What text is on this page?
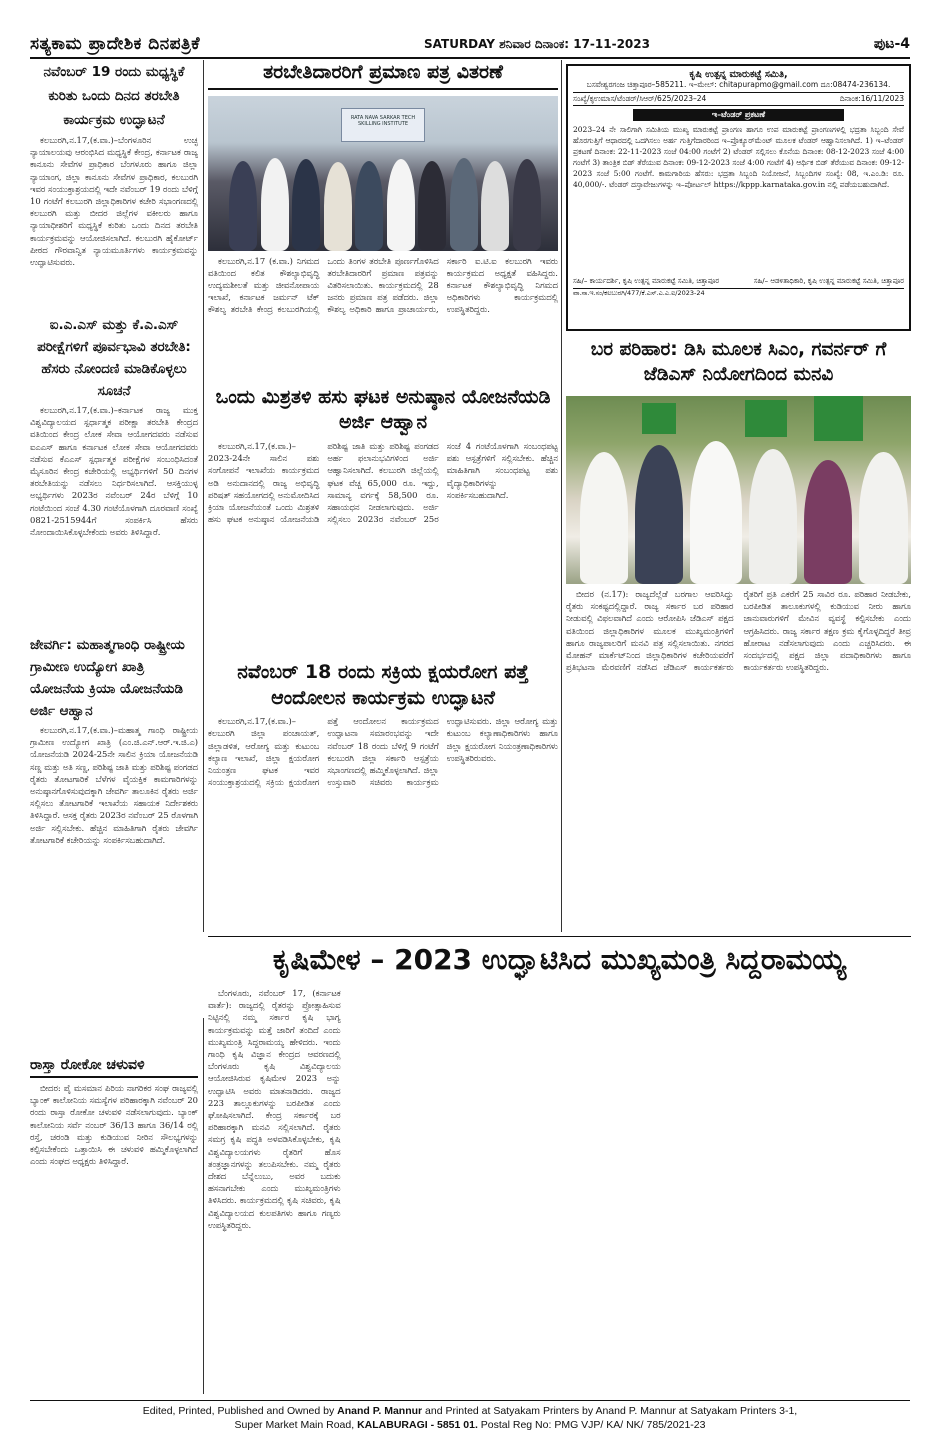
ಸತ್ಯಕಾಮ ಪ್ರಾದೇಶಿಕ ದಿನಪತ್ರಿಕೆ	SATURDAY ಶನಿವಾರ ದಿನಾಂಕ: 17-11-2023	ಪುಟ-4
ನವೆಂಬರ್ 19 ರಂದು ಮಧ್ಯಸ್ಥಿಕೆ ಕುರಿತು ಒಂದು ದಿನದ ತರಬೇತಿ ಕಾರ್ಯಕ್ರಮ ಉದ್ಘಾಟನೆ

ಕಲಬುರಗಿ,ನ.17,(ಕ.ವಾ.)–ಬೆಂಗಳೂರಿನ ಉಚ್ಛ ನ್ಯಾಯಾಲಯವು ಆರಂಭಿಸಿದ ಮಧ್ಯಸ್ಥಿಕೆ ಕೇಂದ್ರ, ಕರ್ನಾಟಕ ರಾಜ್ಯ ಕಾನೂನು ಸೇವೆಗಳ ಪ್ರಾಧಿಕಾರ ಬೆಂಗಳೂರು ಹಾಗೂ ಜಿಲ್ಲಾ ನ್ಯಾಯಾಂಗ, ಜಿಲ್ಲಾ ಕಾನೂನು ಸೇವೆಗಳ ಪ್ರಾಧಿಕಾರ, ಕಲಬುರಗಿ ಇವರ ಸಂಯುಕ್ತಾಶ್ರಯದಲ್ಲಿ ಇದೇ ನವೆಂಬರ್ 19 ರಂದು ಬೆಳಿಗ್ಗೆ 10 ಗಂಟೆಗೆ ಕಲಬುರಗಿ ಜಿಲ್ಲಾಧಿಕಾರಿಗಳ ಕಚೇರಿ ಸಭಾಂಗಣದಲ್ಲಿ ಕಲಬುರಗಿ ಮತ್ತು ಬೀದರ ಜಿಲ್ಲೆಗಳ ವಕೀಲರು ಹಾಗೂ ನ್ಯಾಯಾಧೀಶರಿಗೆ ಮಧ್ಯಸ್ಥಿಕೆ ಕುರಿತು ಒಂದು ದಿನದ ತರಬೇತಿ ಕಾರ್ಯಕ್ರಮವನ್ನು ಆಯೋಜಿಸಲಾಗಿದೆ. ಕಲಬುರಗಿ ಹೈಕೋರ್ಟ್ ಪೀಠದ ಗೌರವಾನ್ವಿತ ನ್ಯಾಯಮೂರ್ತಿಗಳು ಕಾರ್ಯಕ್ರಮವನ್ನು ಉದ್ಘಾಟಿಸುವರು.

ಐ.ಎ.ಎಸ್ ಮತ್ತು ಕೆ.ಎ.ಎಸ್ ಪರೀಕ್ಷೆಗಳಿಗೆ ಪೂರ್ವಭಾವಿ ತರಬೇತಿ: ಹೆಸರು ನೋಂದಣಿ ಮಾಡಿಕೊಳ್ಳಲು ಸೂಚನೆ

ಕಲಬುರಗಿ,ನ.17,(ಕ.ವಾ.)–ಕರ್ನಾಟಕ ರಾಜ್ಯ ಮುಕ್ತ ವಿಶ್ವವಿದ್ಯಾಲಯದ ಸ್ಪರ್ಧಾತ್ಮಕ ಪರೀಕ್ಷಾ ತರಬೇತಿ ಕೇಂದ್ರದ ವತಿಯಿಂದ ಕೇಂದ್ರ ಲೋಕ ಸೇವಾ ಆಯೋಗದವರು ನಡೆಸುವ ಐಎಎಸ್ ಹಾಗೂ ಕರ್ನಾಟಕ ಲೋಕ ಸೇವಾ ಆಯೋಗದವರು ನಡೆಸುವ ಕೆಎಎಸ್ ಸ್ಪರ್ಧಾತ್ಮಕ ಪರೀಕ್ಷೆಗಳ ಸಂಬಂಧಿಸಿದಂತೆ ಮೈಸೂರಿನ ಕೇಂದ್ರ ಕಚೇರಿಯಲ್ಲಿ ಅಭ್ಯರ್ಥಿಗಳಿಗೆ 50 ದಿನಗಳ ತರಬೇತಿಯನ್ನು ನಡೆಸಲು ನಿರ್ಧರಿಸಲಾಗಿದೆ. ಆಸಕ್ತಿಯುಳ್ಳ ಅಭ್ಯರ್ಥಿಗಳು 2023ರ ನವೆಂಬರ್ 24ರ ಬೆಳಿಗ್ಗೆ 10 ಗಂಟೆಯಿಂದ ಸಂಜೆ 4.30 ಗಂಟೆಯೊಳಗಾಗಿ ದೂರವಾಣಿ ಸಂಖ್ಯೆ 0821-2515944ಗೆ ಸಂಪರ್ಕಿಸಿ ಹೆಸರು ನೋಂದಾಯಿಸಿಕೊಳ್ಳಬೇಕೆಂದು ಅವರು ತಿಳಿಸಿದ್ದಾರೆ.

ಜೇವರ್ಗಿ: ಮಹಾತ್ಮಗಾಂಧಿ ರಾಷ್ಟ್ರೀಯ ಗ್ರಾಮೀಣ ಉದ್ಯೋಗ ಖಾತ್ರಿ ಯೋಜನೆಯ ಕ್ರಿಯಾ ಯೋಜನೆಯಡಿ ಅರ್ಜಿ ಆಹ್ವಾನ

ಕಲಬುರಗಿ,ನ.17,(ಕ.ವಾ.)–ಮಹಾತ್ಮ ಗಾಂಧಿ ರಾಷ್ಟ್ರೀಯ ಗ್ರಾಮೀಣ ಉದ್ಯೋಗ ಖಾತ್ರಿ (ಎಂ.ಜಿ.ಎನ್.ಆರ್.ಇ.ಜಿ.ಎ) ಯೋಜನೆಯಡಿ 2024-25ನೇ ಸಾಲಿನ ಕ್ರಿಯಾ ಯೋಜನೆಯಡಿ ಸಣ್ಣ ಮತ್ತು ಅತಿ ಸಣ್ಣ, ಪರಿಶಿಷ್ಟ ಜಾತಿ ಮತ್ತು ಪರಿಶಿಷ್ಟ ಪಂಗಡದ ರೈತರು ತೋಟಗಾರಿಕೆ ಬೆಳೆಗಳ ವೈಯಕ್ತಿಕ ಕಾಮಗಾರಿಗಳನ್ನು ಅನುಷ್ಠಾನಗೊಳಿಸುವುದಕ್ಕಾಗಿ ಜೇವರ್ಗಿ ತಾಲೂಕಿನ ರೈತರು ಅರ್ಜಿ ಸಲ್ಲಿಸಲು ತೋಟಗಾರಿಕೆ ಇಲಾಖೆಯ ಸಹಾಯಕ ನಿರ್ದೇಶಕರು ತಿಳಿಸಿದ್ದಾರೆ. ಆಸಕ್ತ ರೈತರು 2023ರ ನವೆಂಬರ್ 25 ರೊಳಗಾಗಿ ಅರ್ಜಿ ಸಲ್ಲಿಸಬೇಕು. ಹೆಚ್ಚಿನ ಮಾಹಿತಿಗಾಗಿ ರೈತರು ಜೇವರ್ಗಿ ತೋಟಗಾರಿಕೆ ಕಚೇರಿಯನ್ನು ಸಂಪರ್ಕಿಸಬಹುದಾಗಿದೆ.

ರಾಸ್ತಾ ರೋಕೋ ಚಳುವಳಿ

ಬೀದರ: ಪೈ ಮಸಮಾನ ಪಿರಿಯ ನಾಗರಿಕರ ಸಂಘ ರಾಜ್ಯವಲ್ಲಿ ಬ್ಯಾಂಕ್ ಕಾಲೋನಿಯ ಸಮಸ್ಯೆಗಳ ಪರಿಹಾರಕ್ಕಾಗಿ ನವೆಂಬರ್ 20 ರಂದು ರಾಸ್ತಾ ರೋಕೋ ಚಳುವಳಿ ನಡೆಸಲಾಗುವುದು. ಬ್ಯಾಂಕ್ ಕಾಲೋನಿಯ ಸರ್ವೆ ನಂಬರ್ 36/13 ಹಾಗೂ 36/14 ರಲ್ಲಿ ರಸ್ತೆ, ಚರಂಡಿ ಮತ್ತು ಕುಡಿಯುವ ನೀರಿನ ಸೌಲಭ್ಯಗಳನ್ನು ಕಲ್ಪಿಸಬೇಕೆಂದು ಒತ್ತಾಯಿಸಿ ಈ ಚಳುವಳಿ ಹಮ್ಮಿಕೊಳ್ಳಲಾಗಿದೆ ಎಂದು ಸಂಘದ ಅಧ್ಯಕ್ಷರು ತಿಳಿಸಿದ್ದಾರೆ.

ತರಬೇತಿದಾರರಿಗೆ ಪ್ರಮಾಣ ಪತ್ರ ವಿತರಣೆ
RATA NAVA SARKAR TECH SKILLING INSTITUTE

ಕಲಬುರಗಿ,ನ.17 (ಕ.ವಾ.) ನಿಗಮದ ವತಿಯಿಂದ ಕಲಿತ ಕೌಶಲ್ಯಾಭಿವೃದ್ಧಿ ಉದ್ಯಮಶೀಲತೆ ಮತ್ತು ಜೀವನೋಪಾಯ ಇಲಾಖೆ, ಕರ್ನಾಟಕ ಜರ್ಮನ್ ಟೆಕ್ ಕೌಶಲ್ಯ ತರಬೇತಿ ಕೇಂದ್ರ ಕಲಬುರಗಿಯಲ್ಲಿ ಒಂದು ತಿಂಗಳ ತರಬೇತಿ ಪೂರ್ಣಗೊಳಿಸಿದ ತರಬೇತಿದಾರರಿಗೆ ಪ್ರಮಾಣ ಪತ್ರವನ್ನು ವಿತರಿಸಲಾಯಿತು. ಕಾರ್ಯಕ್ರಮದಲ್ಲಿ 28 ಜನರು ಪ್ರಮಾಣ ಪತ್ರ ಪಡೆದರು. ಜಿಲ್ಲಾ ಕೌಶಲ್ಯ ಅಧಿಕಾರಿ ಹಾಗೂ ಪ್ರಾಚಾರ್ಯರು, ಸರ್ಕಾರಿ ಐ.ಟಿ.ಐ ಕಲಬುರಗಿ ಇವರು ಕಾರ್ಯಕ್ರಮದ ಅಧ್ಯಕ್ಷತೆ ವಹಿಸಿದ್ದರು. ಕರ್ನಾಟಕ ಕೌಶಲ್ಯಾಭಿವೃದ್ಧಿ ನಿಗಮದ ಅಧಿಕಾರಿಗಳು ಕಾರ್ಯಕ್ರಮದಲ್ಲಿ ಉಪಸ್ಥಿತರಿದ್ದರು.

ಒಂದು ಮಿಶ್ರತಳಿ ಹಸು ಘಟಕ ಅನುಷ್ಠಾನ ಯೋಜನೆಯಡಿ ಅರ್ಜಿ ಆಹ್ವಾನ

ಕಲಬುರಗಿ,ನ.17,(ಕ.ವಾ.)–2023-24ನೇ ಸಾಲಿನ ಪಶು ಸಂಗೋಪನೆ ಇಲಾಖೆಯ ಕಾರ್ಯಕ್ರಮದ ಅಡಿ ಅನುದಾನದಲ್ಲಿ ರಾಜ್ಯ ಅಭಿವೃದ್ಧಿ ಪರಿಷತ್ ಸಹಯೋಗದಲ್ಲಿ ಅನುಮೋದಿಸಿದ ಕ್ರಿಯಾ ಯೋಜನೆಯಂತೆ ಒಂದು ಮಿಶ್ರತಳಿ ಹಸು ಘಟಕ ಅನುಷ್ಠಾನ ಯೋಜನೆಯಡಿ ಪರಿಶಿಷ್ಟ ಜಾತಿ ಮತ್ತು ಪರಿಶಿಷ್ಟ ಪಂಗಡದ ಅರ್ಹ ಫಲಾನುಭವಿಗಳಿಂದ ಅರ್ಜಿ ಆಹ್ವಾನಿಸಲಾಗಿದೆ. ಕಲಬುರಗಿ ಜಿಲ್ಲೆಯಲ್ಲಿ ಘಟಕ ವೆಚ್ಚ 65,000 ರೂ. ಇದ್ದು, ಸಾಮಾನ್ಯ ವರ್ಗಕ್ಕೆ 58,500 ರೂ. ಸಹಾಯಧನ ನೀಡಲಾಗುವುದು. ಅರ್ಜಿ ಸಲ್ಲಿಸಲು 2023ರ ನವೆಂಬರ್ 25ರ ಸಂಜೆ 4 ಗಂಟೆಯೊಳಗಾಗಿ ಸಂಬಂಧಪಟ್ಟ ಪಶು ಆಸ್ಪತ್ರೆಗಳಿಗೆ ಸಲ್ಲಿಸಬೇಕು. ಹೆಚ್ಚಿನ ಮಾಹಿತಿಗಾಗಿ ಸಂಬಂಧಪಟ್ಟ ಪಶು ವೈದ್ಯಾಧಿಕಾರಿಗಳನ್ನು ಸಂಪರ್ಕಿಸಬಹುದಾಗಿದೆ.

ನವೆಂಬರ್ 18 ರಂದು ಸಕ್ರಿಯ ಕ್ಷಯರೋಗ ಪತ್ತೆ ಆಂದೋಲನ ಕಾರ್ಯಕ್ರಮ ಉದ್ಘಾಟನೆ

ಕಲಬುರಗಿ,ನ.17,(ಕ.ವಾ.)–ಕಲಬುರಗಿ ಜಿಲ್ಲಾ ಪಂಚಾಯತ್, ಜಿಲ್ಲಾಡಳಿತ, ಆರೋಗ್ಯ ಮತ್ತು ಕುಟುಂಬ ಕಲ್ಯಾಣ ಇಲಾಖೆ, ಜಿಲ್ಲಾ ಕ್ಷಯರೋಗ ನಿಯಂತ್ರಣ ಘಟಕ ಇವರ ಸಂಯುಕ್ತಾಶ್ರಯದಲ್ಲಿ ಸಕ್ರಿಯ ಕ್ಷಯರೋಗ ಪತ್ತೆ ಆಂದೋಲನ ಕಾರ್ಯಕ್ರಮದ ಉದ್ಘಾಟನಾ ಸಮಾರಂಭವನ್ನು ಇದೇ ನವೆಂಬರ್ 18 ರಂದು ಬೆಳಿಗ್ಗೆ 9 ಗಂಟೆಗೆ ಕಲಬುರಗಿ ಜಿಲ್ಲಾ ಸರ್ಕಾರಿ ಆಸ್ಪತ್ರೆಯ ಸಭಾಂಗಣದಲ್ಲಿ ಹಮ್ಮಿಕೊಳ್ಳಲಾಗಿದೆ. ಜಿಲ್ಲಾ ಉಸ್ತುವಾರಿ ಸಚಿವರು ಕಾರ್ಯಕ್ರಮ ಉದ್ಘಾಟಿಸುವರು. ಜಿಲ್ಲಾ ಆರೋಗ್ಯ ಮತ್ತು ಕುಟುಂಬ ಕಲ್ಯಾಣಾಧಿಕಾರಿಗಳು ಹಾಗೂ ಜಿಲ್ಲಾ ಕ್ಷಯರೋಗ ನಿಯಂತ್ರಣಾಧಿಕಾರಿಗಳು ಉಪಸ್ಥಿತರಿರುವರು.

ಕೃಷಿ ಉತ್ಪನ್ನ ಮಾರುಕಟ್ಟೆ ಸಮಿತಿ,
ಬಸವೇಶ್ವರಗಂಜ ಚಿತ್ತಾಪೂರ–585211. ಇ–ಮೇಲ್: chitapurapmo@gmail.com ದೂ:08474-236134.
ಸಂಖ್ಯೆ/ಕೃಉಮಾಸ/ಟೆಂಡರ್/ಸಿಆರ್/625/2023–24	ದಿನಾಂಕ:16/11/2023
ಇ–ಟೆಂಡರ್ ಪ್ರಕಟಣೆ
2023–24 ನೇ ಸಾಲಿಗಾಗಿ ಸಮಿತಿಯ ಮುಖ್ಯ ಮಾರುಕಟ್ಟೆ ಪ್ರಾಂಗಣ ಹಾಗೂ ಉಪ ಮಾರುಕಟ್ಟೆ ಪ್ರಾಂಗಣಗಳಲ್ಲಿ ಭದ್ರತಾ ಸಿಬ್ಬಂದಿ ಸೇವೆ ಹೊರಗುತ್ತಿಗೆ ಆಧಾರದಲ್ಲಿ ಒದಗಿಸಲು ಅರ್ಹ ಗುತ್ತಿಗೆದಾರರಿಂದ ಇ–ಪ್ರೊಕ್ಯೂರ್‌ಮೆಂಟ್ ಮೂಲಕ ಟೆಂಡರ್ ಆಹ್ವಾನಿಸಲಾಗಿದೆ. 1) ಇ–ಟೆಂಡರ್ ಪ್ರಕಟಣೆ ದಿನಾಂಕ: 22-11-2023 ಸಂಜೆ 04:00 ಗಂಟೆಗೆ 2) ಟೆಂಡರ್ ಸಲ್ಲಿಸಲು ಕೊನೆಯ ದಿನಾಂಕ: 08-12-2023 ಸಂಜೆ 4:00 ಗಂಟೆಗೆ 3) ತಾಂತ್ರಿಕ ಬಿಡ್ ತೆರೆಯುವ ದಿನಾಂಕ: 09-12-2023 ಸಂಜೆ 4:00 ಗಂಟೆಗೆ 4) ಆರ್ಥಿಕ ಬಿಡ್ ತೆರೆಯುವ ದಿನಾಂಕ: 09-12-2023 ಸಂಜೆ 5:00 ಗಂಟೆಗೆ. ಕಾಮಗಾರಿಯ ಹೆಸರು: ಭದ್ರತಾ ಸಿಬ್ಬಂದಿ ನಿಯೋಜನೆ, ಸಿಬ್ಬಂದಿಗಳ ಸಂಖ್ಯೆ: 08, ಇ.ಎಂ.ಡಿ: ರೂ. 40,000/-. ಟೆಂಡರ್ ದಸ್ತಾವೇಜುಗಳನ್ನು ಇ–ಪೋರ್ಟಲ್ https://kppp.karnataka.gov.in ನಲ್ಲಿ ಪಡೆಯಬಹುದಾಗಿದೆ.
ಸಹಿ/– ಕಾರ್ಯದರ್ಶಿ, ಕೃಷಿ ಉತ್ಪನ್ನ ಮಾರುಕಟ್ಟೆ ಸಮಿತಿ, ಚಿತ್ತಾಪೂರ	ಸಹಿ/– ಆಡಳಿತಾಧಿಕಾರಿ, ಕೃಷಿ ಉತ್ಪನ್ನ ಮಾರುಕಟ್ಟೆ ಸಮಿತಿ, ಚಿತ್ತಾಪೂರ
ವಾ.ಸಾ.ಇ.ಸಂ/ಕಲಬುರಗಿ/477/ಕೆ.ಎಸ್.ಎ.ಎ.ಐ/2023-24
ಬರ ಪರಿಹಾರ: ಡಿಸಿ ಮೂಲಕ ಸಿಎಂ, ಗವರ್ನರ್ ಗೆ ಜೆಡಿಎಸ್ ನಿಯೋಗದಿಂದ ಮನವಿ

ಬೀದರ (ನ.17): ರಾಜ್ಯದೆಲ್ಲೆಡೆ ಬರಗಾಲ ಆವರಿಸಿದ್ದು ರೈತರು ಸಂಕಷ್ಟದಲ್ಲಿದ್ದಾರೆ. ರಾಜ್ಯ ಸರ್ಕಾರ ಬರ ಪರಿಹಾರ ನೀಡುವಲ್ಲಿ ವಿಫಲವಾಗಿದೆ ಎಂದು ಆರೋಪಿಸಿ ಜೆಡಿಎಸ್ ಪಕ್ಷದ ವತಿಯಿಂದ ಜಿಲ್ಲಾಧಿಕಾರಿಗಳ ಮೂಲಕ ಮುಖ್ಯಮಂತ್ರಿಗಳಿಗೆ ಹಾಗೂ ರಾಜ್ಯಪಾಲರಿಗೆ ಮನವಿ ಪತ್ರ ಸಲ್ಲಿಸಲಾಯಿತು. ನಗರದ ಮೋಹನ್ ಮಾರ್ಕೆಟ್‌ನಿಂದ ಜಿಲ್ಲಾಧಿಕಾರಿಗಳ ಕಚೇರಿಯವರೆಗೆ ಪ್ರತಿಭಟನಾ ಮೆರವಣಿಗೆ ನಡೆಸಿದ ಜೆಡಿಎಸ್ ಕಾರ್ಯಕರ್ತರು ರೈತರಿಗೆ ಪ್ರತಿ ಎಕರೆಗೆ 25 ಸಾವಿರ ರೂ. ಪರಿಹಾರ ನೀಡಬೇಕು, ಬರಪೀಡಿತ ತಾಲೂಕುಗಳಲ್ಲಿ ಕುಡಿಯುವ ನೀರು ಹಾಗೂ ಜಾನುವಾರುಗಳಿಗೆ ಮೇವಿನ ವ್ಯವಸ್ಥೆ ಕಲ್ಪಿಸಬೇಕು ಎಂದು ಆಗ್ರಹಿಸಿದರು. ರಾಜ್ಯ ಸರ್ಕಾರ ತಕ್ಷಣ ಕ್ರಮ ಕೈಗೊಳ್ಳದಿದ್ದರೆ ತೀವ್ರ ಹೋರಾಟ ನಡೆಸಲಾಗುವುದು ಎಂದು ಎಚ್ಚರಿಸಿದರು. ಈ ಸಂದರ್ಭದಲ್ಲಿ ಪಕ್ಷದ ಜಿಲ್ಲಾ ಪದಾಧಿಕಾರಿಗಳು ಹಾಗೂ ಕಾರ್ಯಕರ್ತರು ಉಪಸ್ಥಿತರಿದ್ದರು.

ಕೃಷಿಮೇಳ – 2023 ಉದ್ಘಾಟಿಸಿದ ಮುಖ್ಯಮಂತ್ರಿ ಸಿದ್ದರಾಮಯ್ಯ

ಬೆಂಗಳೂರು, ನವೆಂಬರ್ 17, (ಕರ್ನಾಟಕ ವಾರ್ತೆ): ರಾಜ್ಯದಲ್ಲಿ ರೈತರನ್ನು ಪ್ರೋತ್ಸಾಹಿಸುವ ನಿಟ್ಟಿನಲ್ಲಿ ನಮ್ಮ ಸರ್ಕಾರ ಕೃಷಿ ಭಾಗ್ಯ ಕಾರ್ಯಕ್ರಮವನ್ನು ಮತ್ತೆ ಜಾರಿಗೆ ತಂದಿದೆ ಎಂದು ಮುಖ್ಯಮಂತ್ರಿ ಸಿದ್ದರಾಮಯ್ಯ ಹೇಳಿದರು. ಇಂದು ಗಾಂಧಿ ಕೃಷಿ ವಿಜ್ಞಾನ ಕೇಂದ್ರದ ಆವರಣದಲ್ಲಿ ಬೆಂಗಳೂರು ಕೃಷಿ ವಿಶ್ವವಿದ್ಯಾಲಯ ಆಯೋಜಿಸಿರುವ ಕೃಷಿಮೇಳ 2023 ಅನ್ನು ಉದ್ಘಾಟಿಸಿ ಅವರು ಮಾತನಾಡಿದರು. ರಾಜ್ಯದ 223 ತಾಲ್ಲೂಕುಗಳನ್ನು ಬರಪೀಡಿತ ಎಂದು ಘೋಷಿಸಲಾಗಿದೆ. ಕೇಂದ್ರ ಸರ್ಕಾರಕ್ಕೆ ಬರ ಪರಿಹಾರಕ್ಕಾಗಿ ಮನವಿ ಸಲ್ಲಿಸಲಾಗಿದೆ. ರೈತರು ಸಮಗ್ರ ಕೃಷಿ ಪದ್ಧತಿ ಅಳವಡಿಸಿಕೊಳ್ಳಬೇಕು, ಕೃಷಿ ವಿಶ್ವವಿದ್ಯಾಲಯಗಳು ರೈತರಿಗೆ ಹೊಸ ತಂತ್ರಜ್ಞಾನಗಳನ್ನು ತಲುಪಿಸಬೇಕು. ನಮ್ಮ ರೈತರು ದೇಶದ ಬೆನ್ನೆಲುಬು, ಅವರ ಬದುಕು ಹಸನಾಗಬೇಕು ಎಂದು ಮುಖ್ಯಮಂತ್ರಿಗಳು ತಿಳಿಸಿದರು. ಕಾರ್ಯಕ್ರಮದಲ್ಲಿ ಕೃಷಿ ಸಚಿವರು, ಕೃಷಿ ವಿಶ್ವವಿದ್ಯಾಲಯದ ಕುಲಪತಿಗಳು ಹಾಗೂ ಗಣ್ಯರು ಉಪಸ್ಥಿತರಿದ್ದರು.

Edited, Printed, Published and Owned by Anand P. Mannur and Printed at Satyakam Printers by Anand P. Mannur at Satyakam Printers 3-1,
Super Market Main Road, KALABURAGI - 5851 01. Postal Reg No: PMG VJP/ KA/ NK/ 785/2021-23
